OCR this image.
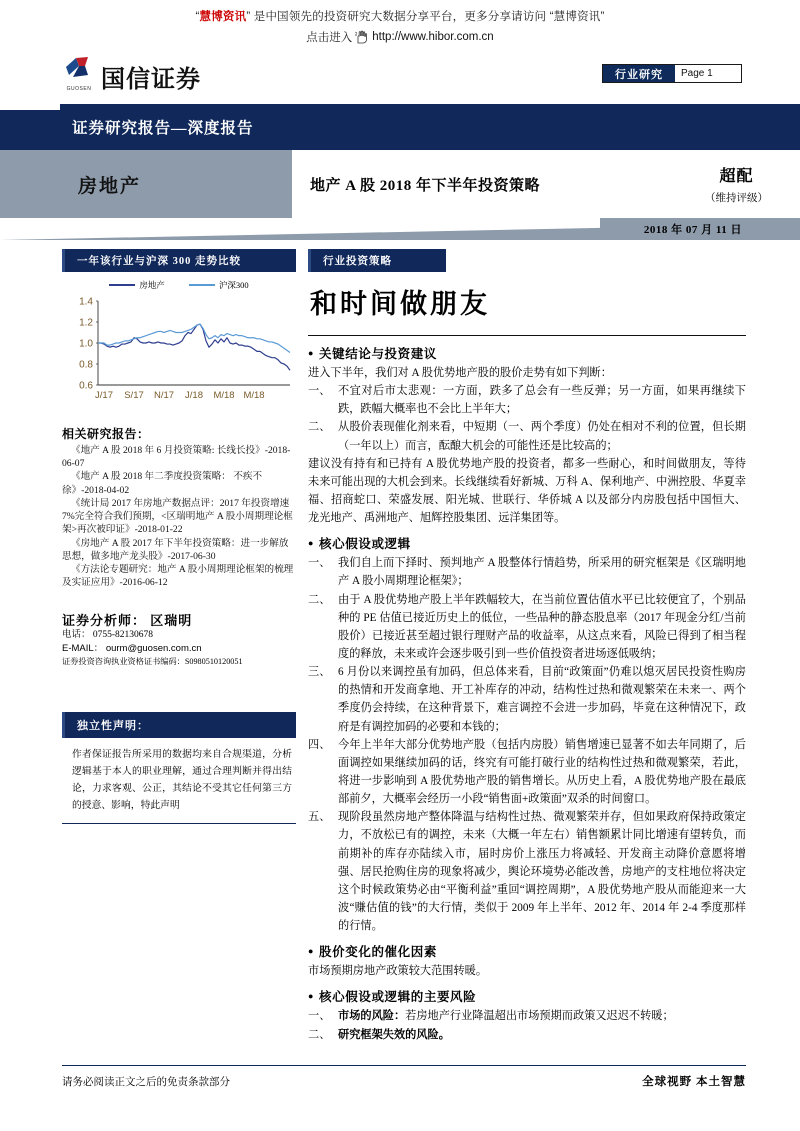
“慧博资讯” 是中国领先的投资研究大数据分享平台，更多分享请访问 “慧博资讯”
点击进入 http://www.hibor.com.cn
GUOSEN 国信证券	行业研究	Page 1
证券研究报告—深度报告
房地产	地产 A 股 2018 年下半年投资策略
超配
（维持评级）
2018 年 07 月 11 日
一年该行业与沪深 300 走势比较
房地产	沪深300
0.6
0.8
1.0
1.2
1.4
J/17 S/17 N/17 J/18 M/18 M/18
相关研究报告：
《地产 A 股 2018 年 6 月投资策略: 长线长投》-2018-06-07
《地产 A 股 2018 年二季度投资策略： 不疾不徐》-2018-04-02
《统计局 2017 年房地产数据点评：2017 年投资增速 7%完全符合我们预期，<区瑞明地产 A 股小周期理论框架>再次被印证》-2018-01-22
《房地产 A 股 2017 年下半年投资策略：进一步解放思想，做多地产龙头股》-2017-06-30
《方法论专题研究：地产 A 股小周期理论框架的梳理及实证应用》-2016-06-12
证券分析师： 区瑞明
电话： 0755-82130678
E-MAIL： ourm@guosen.com.cn
证券投资咨询执业资格证书编码：S0980510120051
独立性声明：
作者保证报告所采用的数据均来自合规渠道，分析逻辑基于本人的职业理解，通过合理判断并得出结论，力求客观、公正，其结论不受其它任何第三方的授意、影响，特此声明
行业投资策略
和时间做朋友
● 关键结论与投资建议

进入下半年，我们对 A 股优势地产股的股价走势有如下判断：

一、 不宜对后市太悲观：一方面，跌多了总会有一些反弹；另一方面，如果再继续下跌，跌幅大概率也不会比上半年大；
二、 从股价表现催化剂来看，中短期（一、两个季度）仍处在相对不利的位置，但长期（一年以上）而言，酝酿大机会的可能性还是比较高的；

建议没有持有和已持有 A 股优势地产股的投资者，都多一些耐心，和时间做朋友，等待未来可能出现的大机会到来。长线继续看好新城、万科 A、保利地产、中洲控股、华夏幸福、招商蛇口、荣盛发展、阳光城、世联行、华侨城 A 以及部分内房股包括中国恒大、龙光地产、禹洲地产、旭辉控股集团、远洋集团等。

● 核心假设或逻辑
一、 我们自上而下择时、预判地产 A 股整体行情趋势，所采用的研究框架是《区瑞明地产 A 股小周期理论框架》；
二、 由于 A 股优势地产股上半年跌幅较大，在当前位置估值水平已比较便宜了，个别品种的 PE 估值已接近历史上的低位，一些品种的静态股息率（2017 年现金分红/当前股价）已接近甚至超过银行理财产品的收益率，从这点来看，风险已得到了相当程度的释放，未来或许会逐步吸引到一些价值投资者进场逐低吸纳；
三、 6 月份以来调控虽有加码，但总体来看，目前“政策面”仍难以熄灭居民投资性购房的热情和开发商拿地、开工补库存的冲动，结构性过热和微观繁荣在未来一、两个季度仍会持续，在这种背景下，难言调控不会进一步加码，毕竟在这种情况下，政府是有调控加码的必要和本钱的；
四、 今年上半年大部分优势地产股（包括内房股）销售增速已显著不如去年同期了，后面调控如果继续加码的话，终究有可能打破行业的结构性过热和微观繁荣，若此，将进一步影响到 A 股优势地产股的销售增长。从历史上看，A 股优势地产股在最底部前夕，大概率会经历一小段“销售面+政策面”双杀的时间窗口。
五、 现阶段虽然房地产整体降温与结构性过热、微观繁荣并存，但如果政府保持政策定力，不放松已有的调控，未来（大概一年左右）销售额累计同比增速有望转负，而前期补的库存亦陆续入市，届时房价上涨压力将减轻、开发商主动降价意愿将增强、居民抢购住房的现象将减少，舆论环境势必能改善，房地产的支柱地位将决定这个时候政策势必由“平衡利益”重回“调控周期”，A 股优势地产股从而能迎来一大波“赚估值的钱”的大行情，类似于 2009 年上半年、2012 年、2014 年 2-4 季度那样的行情。
● 股价变化的催化因素

市场预期房地产政策较大范围转暖。

● 核心假设或逻辑的主要风险
一、 市场的风险：若房地产行业降温超出市场预期而政策又迟迟不转暖；
二、 研究框架失效的风险。
请务必阅读正文之后的免责条款部分	全球视野 本土智慧
